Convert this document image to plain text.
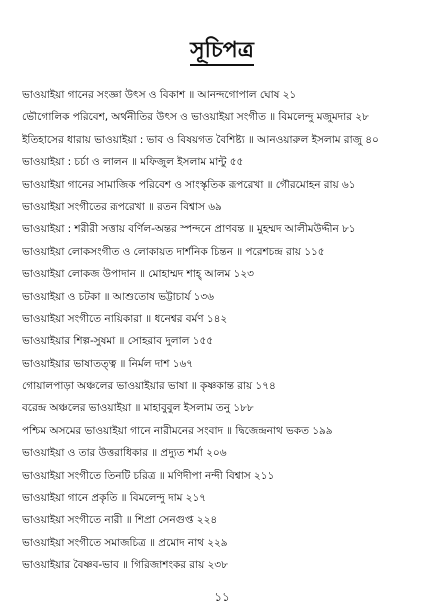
সূচিপত্র
ভাওয়াইয়া গানের সংজ্ঞা উৎস ও বিকাশ ॥ আনন্দগোপাল ঘোষ ২১
ভৌগোলিক পরিবেশ, অর্থনীতির উৎস ও ভাওয়াইয়া সংগীত ॥ বিমলেন্দু মজুমদার ২৮
ইতিহাসের ধারায় ভাওয়াইয়া : ভাব ও বিষয়গত বৈশিষ্ট্য ॥ আনওয়ারুল ইসলাম রাজু ৪০
ভাওয়াইয়া : চর্চা ও লালন ॥ মফিজুল ইসলাম মান্টু ৫৫
ভাওয়াইয়া গানের সামাজিক পরিবেশ ও সাংস্কৃতিক রূপরেখা ॥ গৌরমোহন রায় ৬১
ভাওয়াইয়া সংগীতের রূপরেখা ॥ রতন বিশ্বাস ৬৯
ভাওয়াইয়া : শরীরী সত্তায় বর্ণিল-অন্তর স্পন্দনে প্রাণবন্ত ॥ মুহম্মদ আলীমউদ্দীন ৮১
ভাওয়াইয়া লোকসংগীত ও লোকায়ত দার্শনিক চিন্তন ॥ পরেশচন্দ্র রায় ১১৫
ভাওয়াইয়া লোকজ উপাদান ॥ মোহাম্মদ শাহ্ আলম ১২৩
ভাওয়াইয়া ও চটকা ॥ আশুতোষ ভট্টাচার্য ১৩৬
ভাওয়াইয়া সংগীতে নায়িকারা ॥ ধনেশ্বর বর্মণ ১৪২
ভাওয়াইয়ার শিল্প-সুষমা ॥ সোহরাব দুলাল ১৫৫
ভাওয়াইয়ার ভাষাতত্ত্ব ॥ নির্মল দাশ ১৬৭
গোয়ালপাড়া অঞ্চলের ভাওয়াইয়ার ভাষা ॥ কৃষ্ণকান্ত রায় ১৭৪
বরেন্দ্র অঞ্চলের ভাওয়াইয়া ॥ মাহাবুবুল ইসলাম তনু ১৮৮
পশ্চিম অসমের ভাওয়াইয়া গানে নারীমনের সংবাদ ॥ দ্বিজেন্দ্রনাথ ভকত ১৯৯
ভাওয়াইয়া ও তার উত্তরাধিকার ॥ প্রদ্যুত শর্মা ২০৬
ভাওয়াইয়া সংগীতে তিনটি চরিত্র ॥ মণিদীপা নন্দী বিশ্বাস ২১১
ভাওয়াইয়া গানে প্রকৃতি ॥ বিমলেন্দু দাম ২১৭
ভাওয়াইয়া সংগীতে নারী ॥ শিপ্রা সেনগুপ্ত ২২৪
ভাওয়াইয়া সংগীতে সমাজচিত্র ॥ প্রমোদ নাথ ২২৯
ভাওয়াইয়ার বৈষ্ণব-ভাব ॥ গিরিজাশংকর রায় ২৩৮
১১
